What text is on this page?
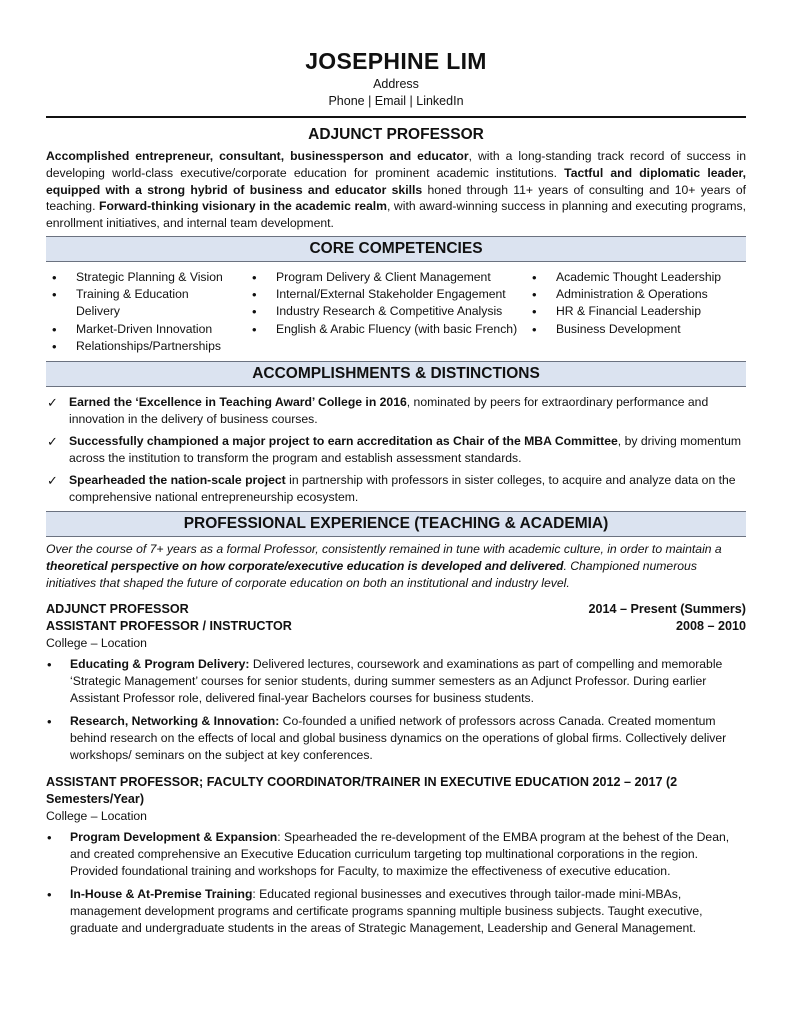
JOSEPHINE LIM
Address
Phone | Email | LinkedIn
ADJUNCT PROFESSOR
Accomplished entrepreneur, consultant, businessperson and educator, with a long-standing track record of success in developing world-class executive/corporate education for prominent academic institutions. Tactful and diplomatic leader, equipped with a strong hybrid of business and educator skills honed through 11+ years of consulting and 10+ years of teaching. Forward-thinking visionary in the academic realm, with award-winning success in planning and executing programs, enrollment initiatives, and internal team development.
CORE COMPETENCIES
• Strategic Planning & Vision
• Training & Education Delivery
• Market-Driven Innovation
• Relationships/Partnerships
• Program Delivery & Client Management
• Internal/External Stakeholder Engagement
• Industry Research & Competitive Analysis
• English & Arabic Fluency (with basic French)
• Academic Thought Leadership
• Administration & Operations
• HR & Financial Leadership
• Business Development
ACCOMPLISHMENTS & DISTINCTIONS
✓ Earned the ‘Excellence in Teaching Award’ College in 2016, nominated by peers for extraordinary performance and innovation in the delivery of business courses.
✓ Successfully championed a major project to earn accreditation as Chair of the MBA Committee, by driving momentum across the institution to transform the program and establish assessment standards.
✓ Spearheaded the nation-scale project in partnership with professors in sister colleges, to acquire and analyze data on the comprehensive national entrepreneurship ecosystem.
PROFESSIONAL EXPERIENCE (TEACHING & ACADEMIA)
Over the course of 7+ years as a formal Professor, consistently remained in tune with academic culture, in order to maintain a theoretical perspective on how corporate/executive education is developed and delivered. Championed numerous initiatives that shaped the future of corporate education on both an institutional and industry level.
ADJUNCT PROFESSOR	2014 – Present (Summers)
ASSISTANT PROFESSOR / INSTRUCTOR	2008 – 2010
College – Location
• Educating & Program Delivery: Delivered lectures, coursework and examinations as part of compelling and memorable ‘Strategic Management’ courses for senior students, during summer semesters as an Adjunct Professor. During earlier Assistant Professor role, delivered final-year Bachelors courses for business students.
• Research, Networking & Innovation: Co-founded a unified network of professors across Canada. Created momentum behind research on the effects of local and global business dynamics on the operations of global firms. Collectively deliver workshops/ seminars on the subject at key conferences.
ASSISTANT PROFESSOR; FACULTY COORDINATOR/TRAINER IN EXECUTIVE EDUCATION 2012 – 2017 (2 Semesters/Year)
College – Location
• Program Development & Expansion: Spearheaded the re-development of the EMBA program at the behest of the Dean, and created comprehensive an Executive Education curriculum targeting top multinational corporations in the region. Provided foundational training and workshops for Faculty, to maximize the effectiveness of executive education.
• In-House & At-Premise Training: Educated regional businesses and executives through tailor-made mini-MBAs, management development programs and certificate programs spanning multiple business subjects. Taught executive, graduate and undergraduate students in the areas of Strategic Management, Leadership and General Management.
